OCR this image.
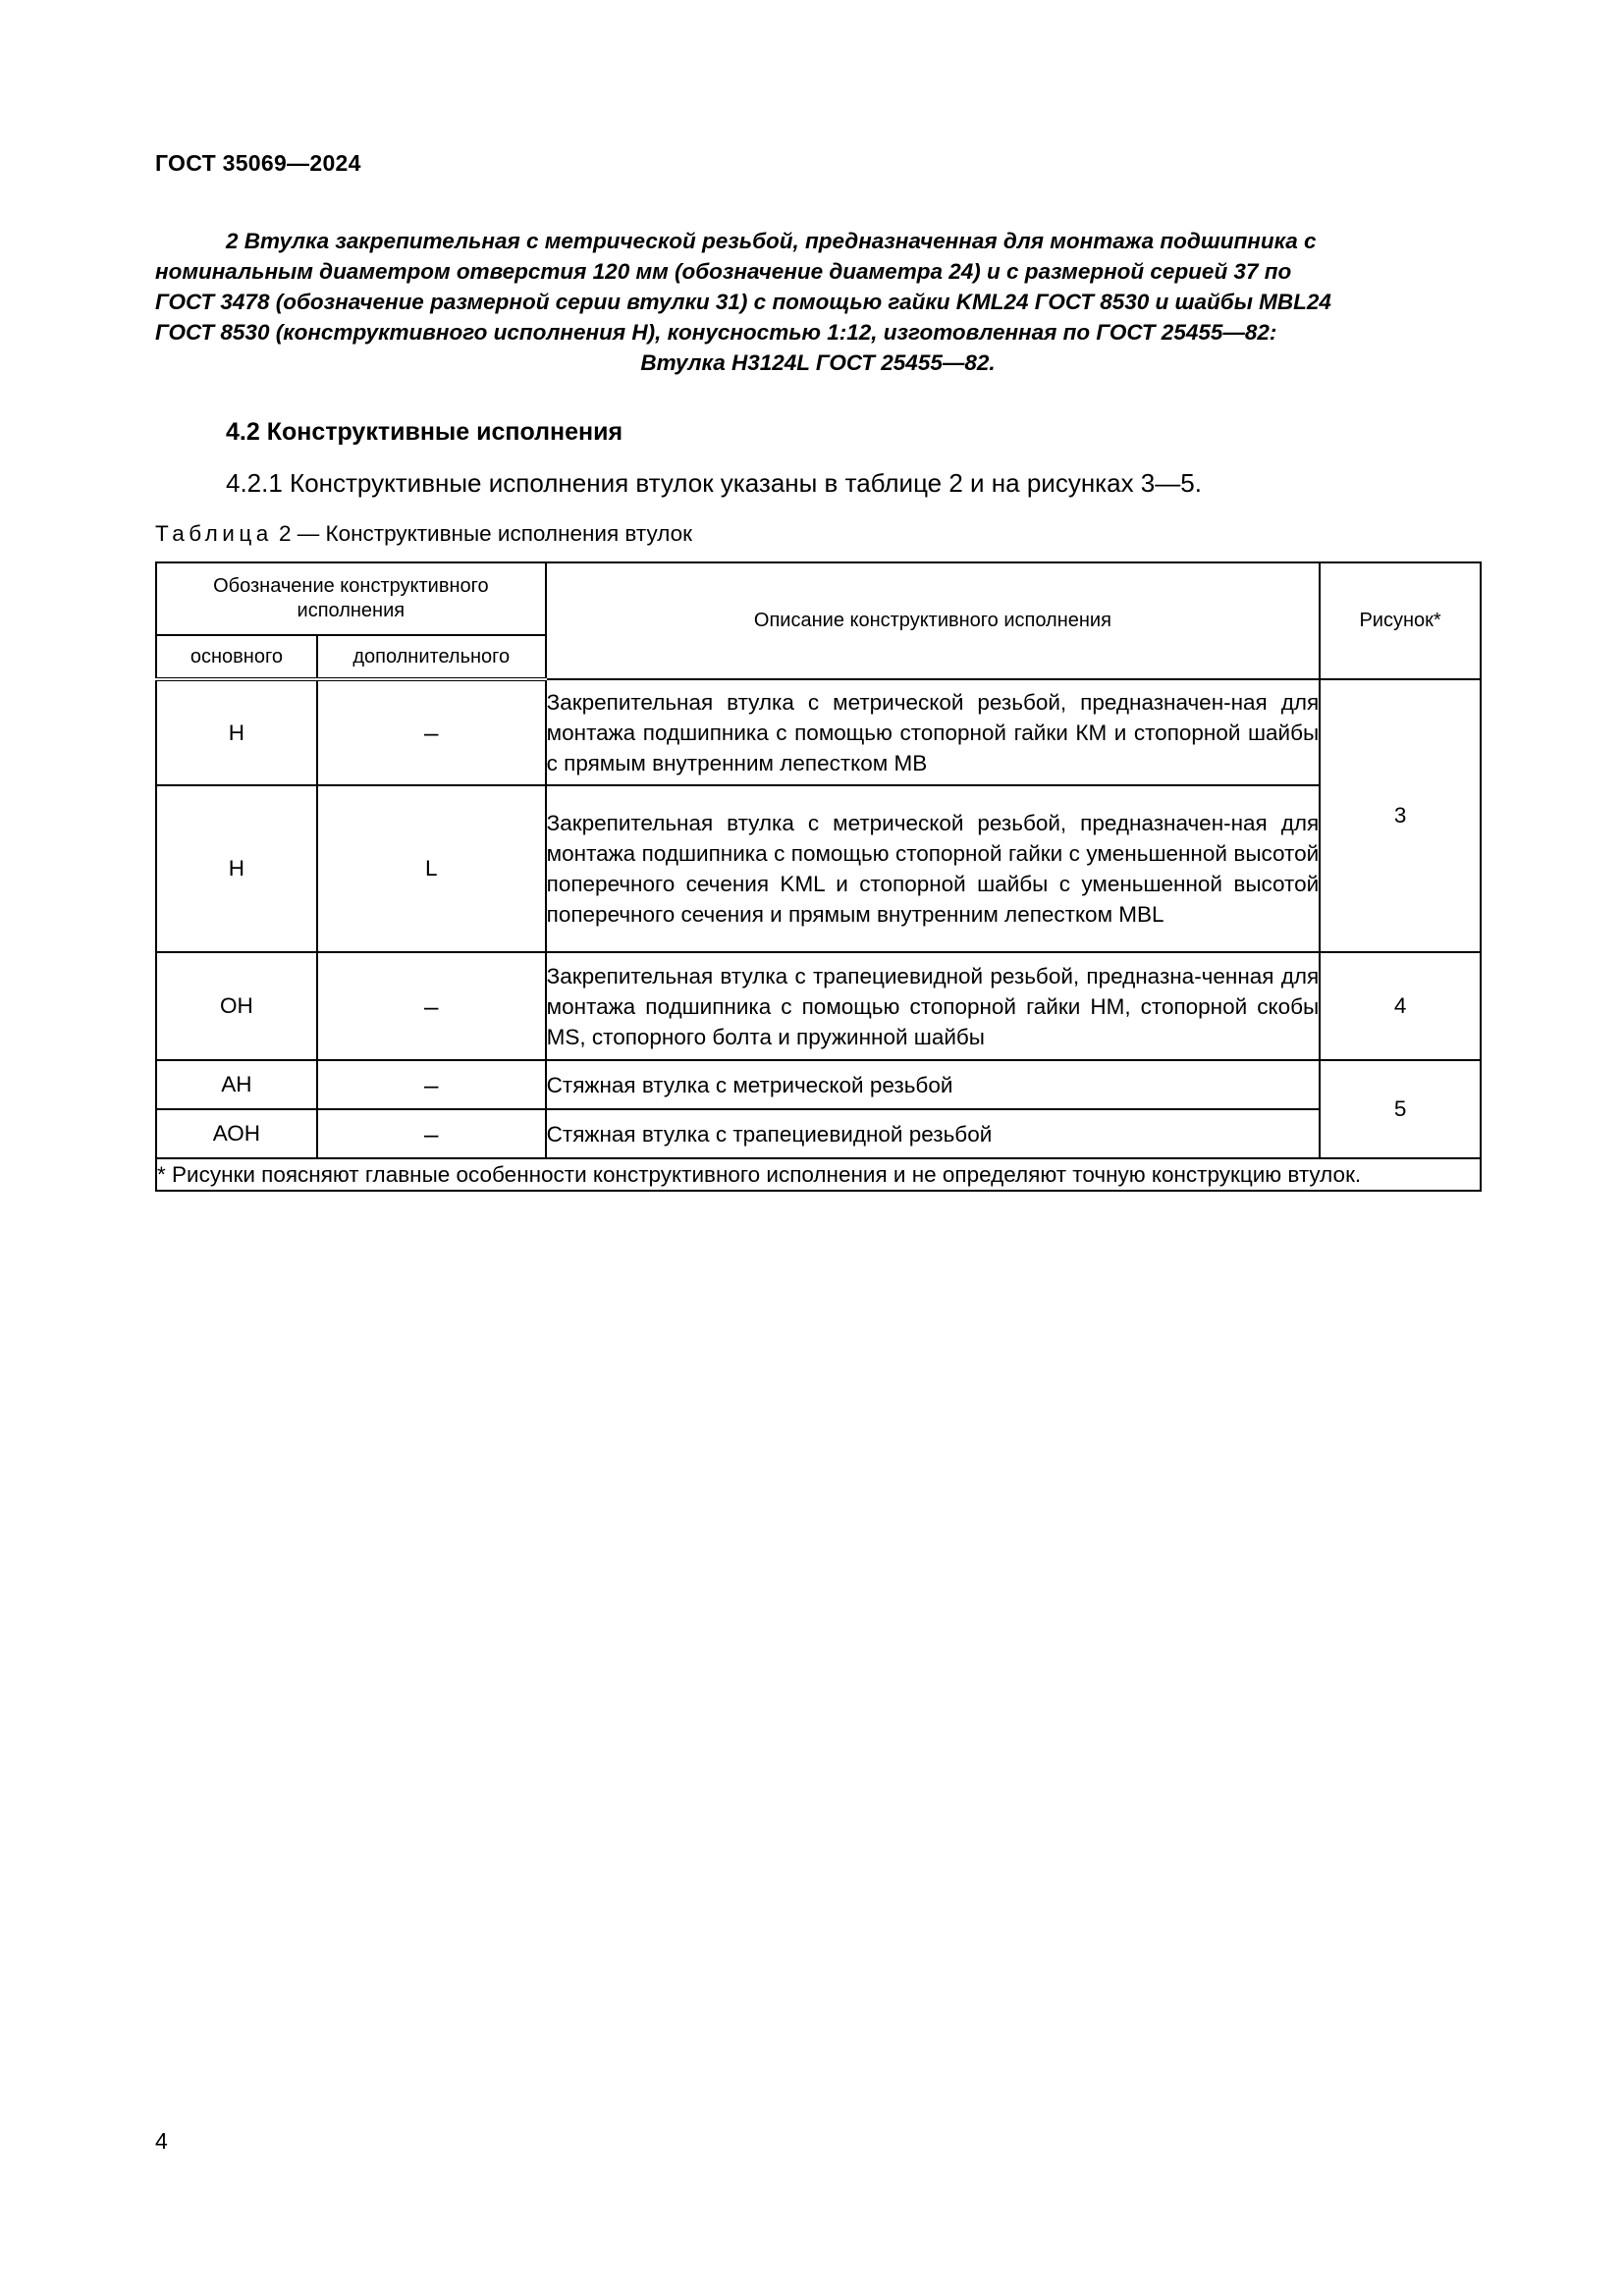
ГОСТ 35069—2024

2 Втулка закрепительная с метрической резьбой, предназначенная для монтажа подшипника с

номинальным диаметром отверстия 120 мм (обозначение диаметра 24) и с размерной серией 37 по

ГОСТ 3478 (обозначение размерной серии втулки 31) с помощью гайки KML24 ГОСТ 8530 и шайбы MBL24

ГОСТ 8530 (конструктивного исполнения Н), конусностью 1:12, изготовленная по ГОСТ 25455—82:

Втулка H3124L ГОСТ 25455—82.

4.2 Конструктивные исполнения
4.2.1 Конструктивные исполнения втулок указаны в таблице 2 и на рисунках 3—5.
Таблица 2 — Конструктивные исполнения втулок
Обозначение конструктивного исполнения		Описание конструктивного исполнения	Рисунок*
основного	дополнительного		
Н	–	Закрепительная втулка с метрической резьбой, предназначен-ная для монтажа подшипника с помощью стопорной гайки КМ и стопорной шайбы с прямым внутренним лепестком МВ	3
Н	L	Закрепительная втулка с метрической резьбой, предназначен-ная для монтажа подшипника с помощью стопорной гайки с уменьшенной высотой поперечного сечения KML и стопорной шайбы с уменьшенной высотой поперечного сечения и прямым внутренним лепестком MBL	
ОН	–	Закрепительная втулка с трапециевидной резьбой, предназна-ченная для монтажа подшипника с помощью стопорной гайки НМ, стопорной скобы MS, стопорного болта и пружинной шайбы	4
АН	–	Стяжная втулка с метрической резьбой	5
АОН	–	Стяжная втулка с трапециевидной резьбой	
* Рисунки поясняют главные особенности конструктивного исполнения и не определяют точную конструкцию втулок.			
4
